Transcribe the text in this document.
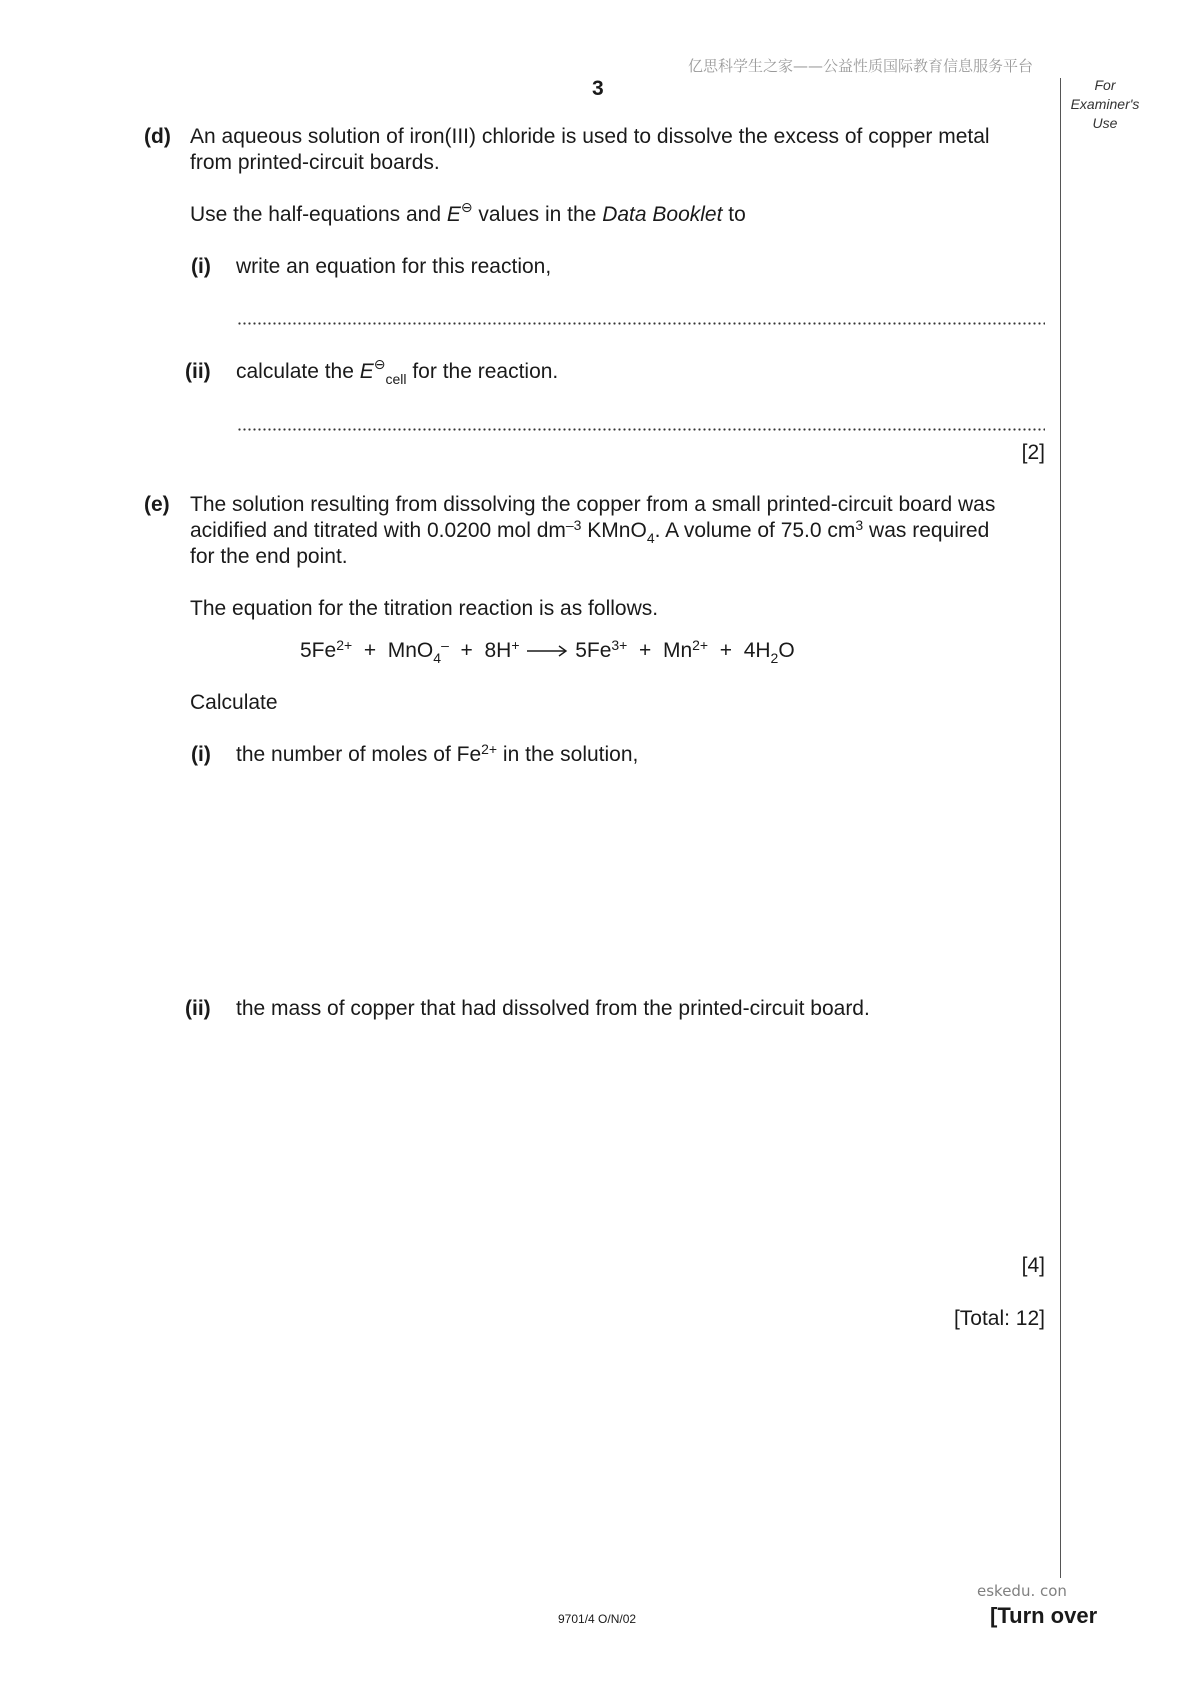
亿思科学生之家——公益性质国际教育信息服务平台
3	For
Examiner's
Use
(d) An aqueous solution of iron(III) chloride is used to dissolve the excess of copper metal
from printed-circuit boards.
Use the half-equations and E⊖ values in the Data Booklet to
(i) write an equation for this reaction,
(ii) calculate the $E⊖_{cell}$ for the reaction.
[2]
(e) The solution resulting from dissolving the copper from a small printed-circuit board was
acidified and titrated with 0.0200 mol $dm^{-3}$ KMnO$_4$. A volume of 75.0 $cm^3$ was required
for the end point.
The equation for the titration reaction is as follows.
$5Fe^{2+} + MnO_4^- + 8H^+ \to 5Fe^{3+} + Mn^{2+} + 4H_2O$
Calculate
(i) the number of moles of $Fe^{2+}$ in the solution,
(ii) the mass of copper that had dissolved from the printed-circuit board.
[4]
[Total: 12]
eskedu. con
9701/4 O/N/02	[Turn over
